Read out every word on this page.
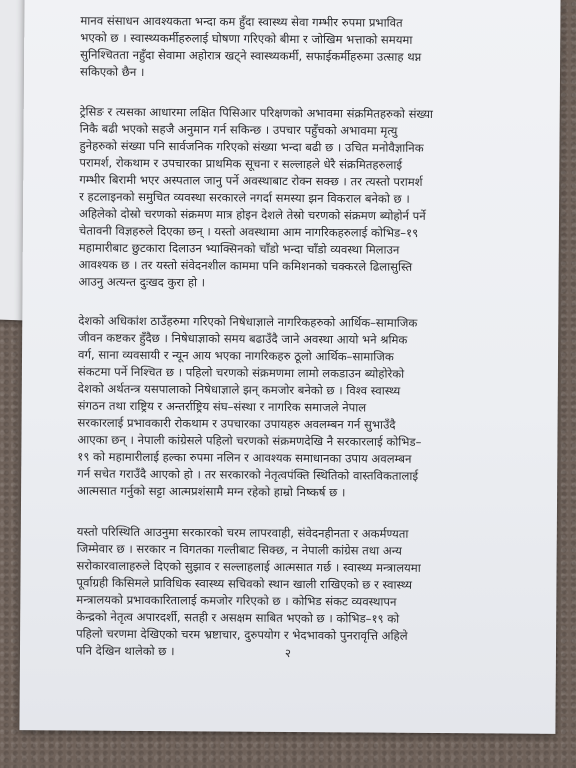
मानव संसाधन आवश्यकता भन्दा कम हुँदा स्वास्थ्य सेवा गम्भीर रुपमा प्रभावित
भएको छ । स्वास्थ्यकर्मीहरुलाई घोषणा गरिएको बीमा र जोखिम भत्ताको समयमा
सुनिश्चितता नहुँदा सेवामा अहोरात्र खट्ने स्वास्थ्यकर्मी, सफाईकर्मीहरुमा उत्साह थप्न
सकिएको छैन ।

ट्रेसिङ र त्यसका आधारमा लक्षित पिसिआर परिक्षणको अभावमा संक्रमितहरुको संख्या
निकै बढी भएको सहजै अनुमान गर्न सकिन्छ । उपचार पहुँचको अभावमा मृत्यु
हुनेहरुको संख्या पनि सार्वजनिक गरिएको संख्या भन्दा बढी छ । उचित मनोवैज्ञानिक
परामर्श, रोकथाम र उपचारका प्राथमिक सूचना र सल्लाहले धेरै संक्रमितहरुलाई
गम्भीर बिरामी भएर अस्पताल जानु पर्ने अवस्थाबाट रोक्न सक्छ । तर त्यस्तो परामर्श
र हटलाइनको समुचित व्यवस्था सरकारले नगर्दा समस्या झन विकराल बनेको छ ।
अहिलेको दोस्रो चरणको संक्रमण मात्र होइन देशले तेस्रो चरणको संक्रमण ब्योहोर्न पर्ने
चेतावनी विज्ञहरुले दिएका छन् । यस्तो अवस्थामा आम नागरिकहरुलाई कोभिड–१९
महामारीबाट छुटकारा दिलाउन भ्याक्सिनको चाँडो भन्दा चाँडो व्यवस्था मिलाउन
आवश्यक छ । तर यस्तो संवेदनशील काममा पनि कमिशनको चक्करले ढिलासुस्ति
आउनु अत्यन्त दुःखद कुरा हो ।

देशको अधिकांश ठाउँहरुमा गरिएको निषेधाज्ञाले नागरिकहरुको आर्थिक–सामाजिक
जीवन कष्टकर हुँदैछ । निषेधाज्ञाको समय बढाउँदै जाने अवस्था आयो भने श्रमिक
वर्ग, साना व्यवसायी र न्यून आय भएका नागरिकहरु ठूलो आर्थिक–सामाजिक
संकटमा पर्ने निश्चित छ । पहिलो चरणको संक्रमणमा लामो लकडाउन ब्योहोरेको
देशको अर्थतन्त्र यसपालाको निषेधाज्ञाले झन् कमजोर बनेको छ । विश्व स्वास्थ्य
संगठन तथा राष्ट्रिय र अन्तर्राष्ट्रिय संघ–संस्था र नागरिक समाजले नेपाल
सरकारलाई प्रभावकारी रोकथाम र उपचारका उपायहरु अवलम्बन गर्न सुभाउँदै
आएका छन् । नेपाली कांग्रेसले पहिलो चरणको संक्रमणदेखि नै सरकारलाई कोभिड–
१९ को महामारीलाई हल्का रुपमा नलिन र आवश्यक समाधानका उपाय अवलम्बन
गर्न सचेत गराउँदै आएको हो । तर सरकारको नेतृत्वपंक्ति स्थितिको वास्तविकतालाई
आत्मसात गर्नुको सट्टा आत्मप्रशंसामै मग्न रहेको हाम्रो निष्कर्ष छ ।

यस्तो परिस्थिति आउनुमा सरकारको चरम लापरवाही, संवेदनहीनता र अकर्मण्यता
जिम्मेवार छ । सरकार न विगतका गल्तीबाट सिक्छ, न नेपाली कांग्रेस तथा अन्य
सरोकारवालाहरुले दिएको सुझाव र सल्लाहलाई आत्मसात गर्छ । स्वास्थ्य मन्त्रालयमा
पूर्वाग्रही किसिमले प्राविधिक स्वास्थ्य सचिवको स्थान खाली राखिएको छ र स्वास्थ्य
मन्त्रालयको प्रभावकारितालाई कमजोर गरिएको छ । कोभिड संकट व्यवस्थापन
केन्द्रको नेतृत्व अपारदर्शी, सतही र असक्षम साबित भएको छ । कोभिड–१९ को
पहिलो चरणमा देखिएको चरम भ्रष्टाचार, दुरुपयोग र भेदभावको पुनरावृत्ति अहिले
पनि देखिन थालेको छ ।	२
